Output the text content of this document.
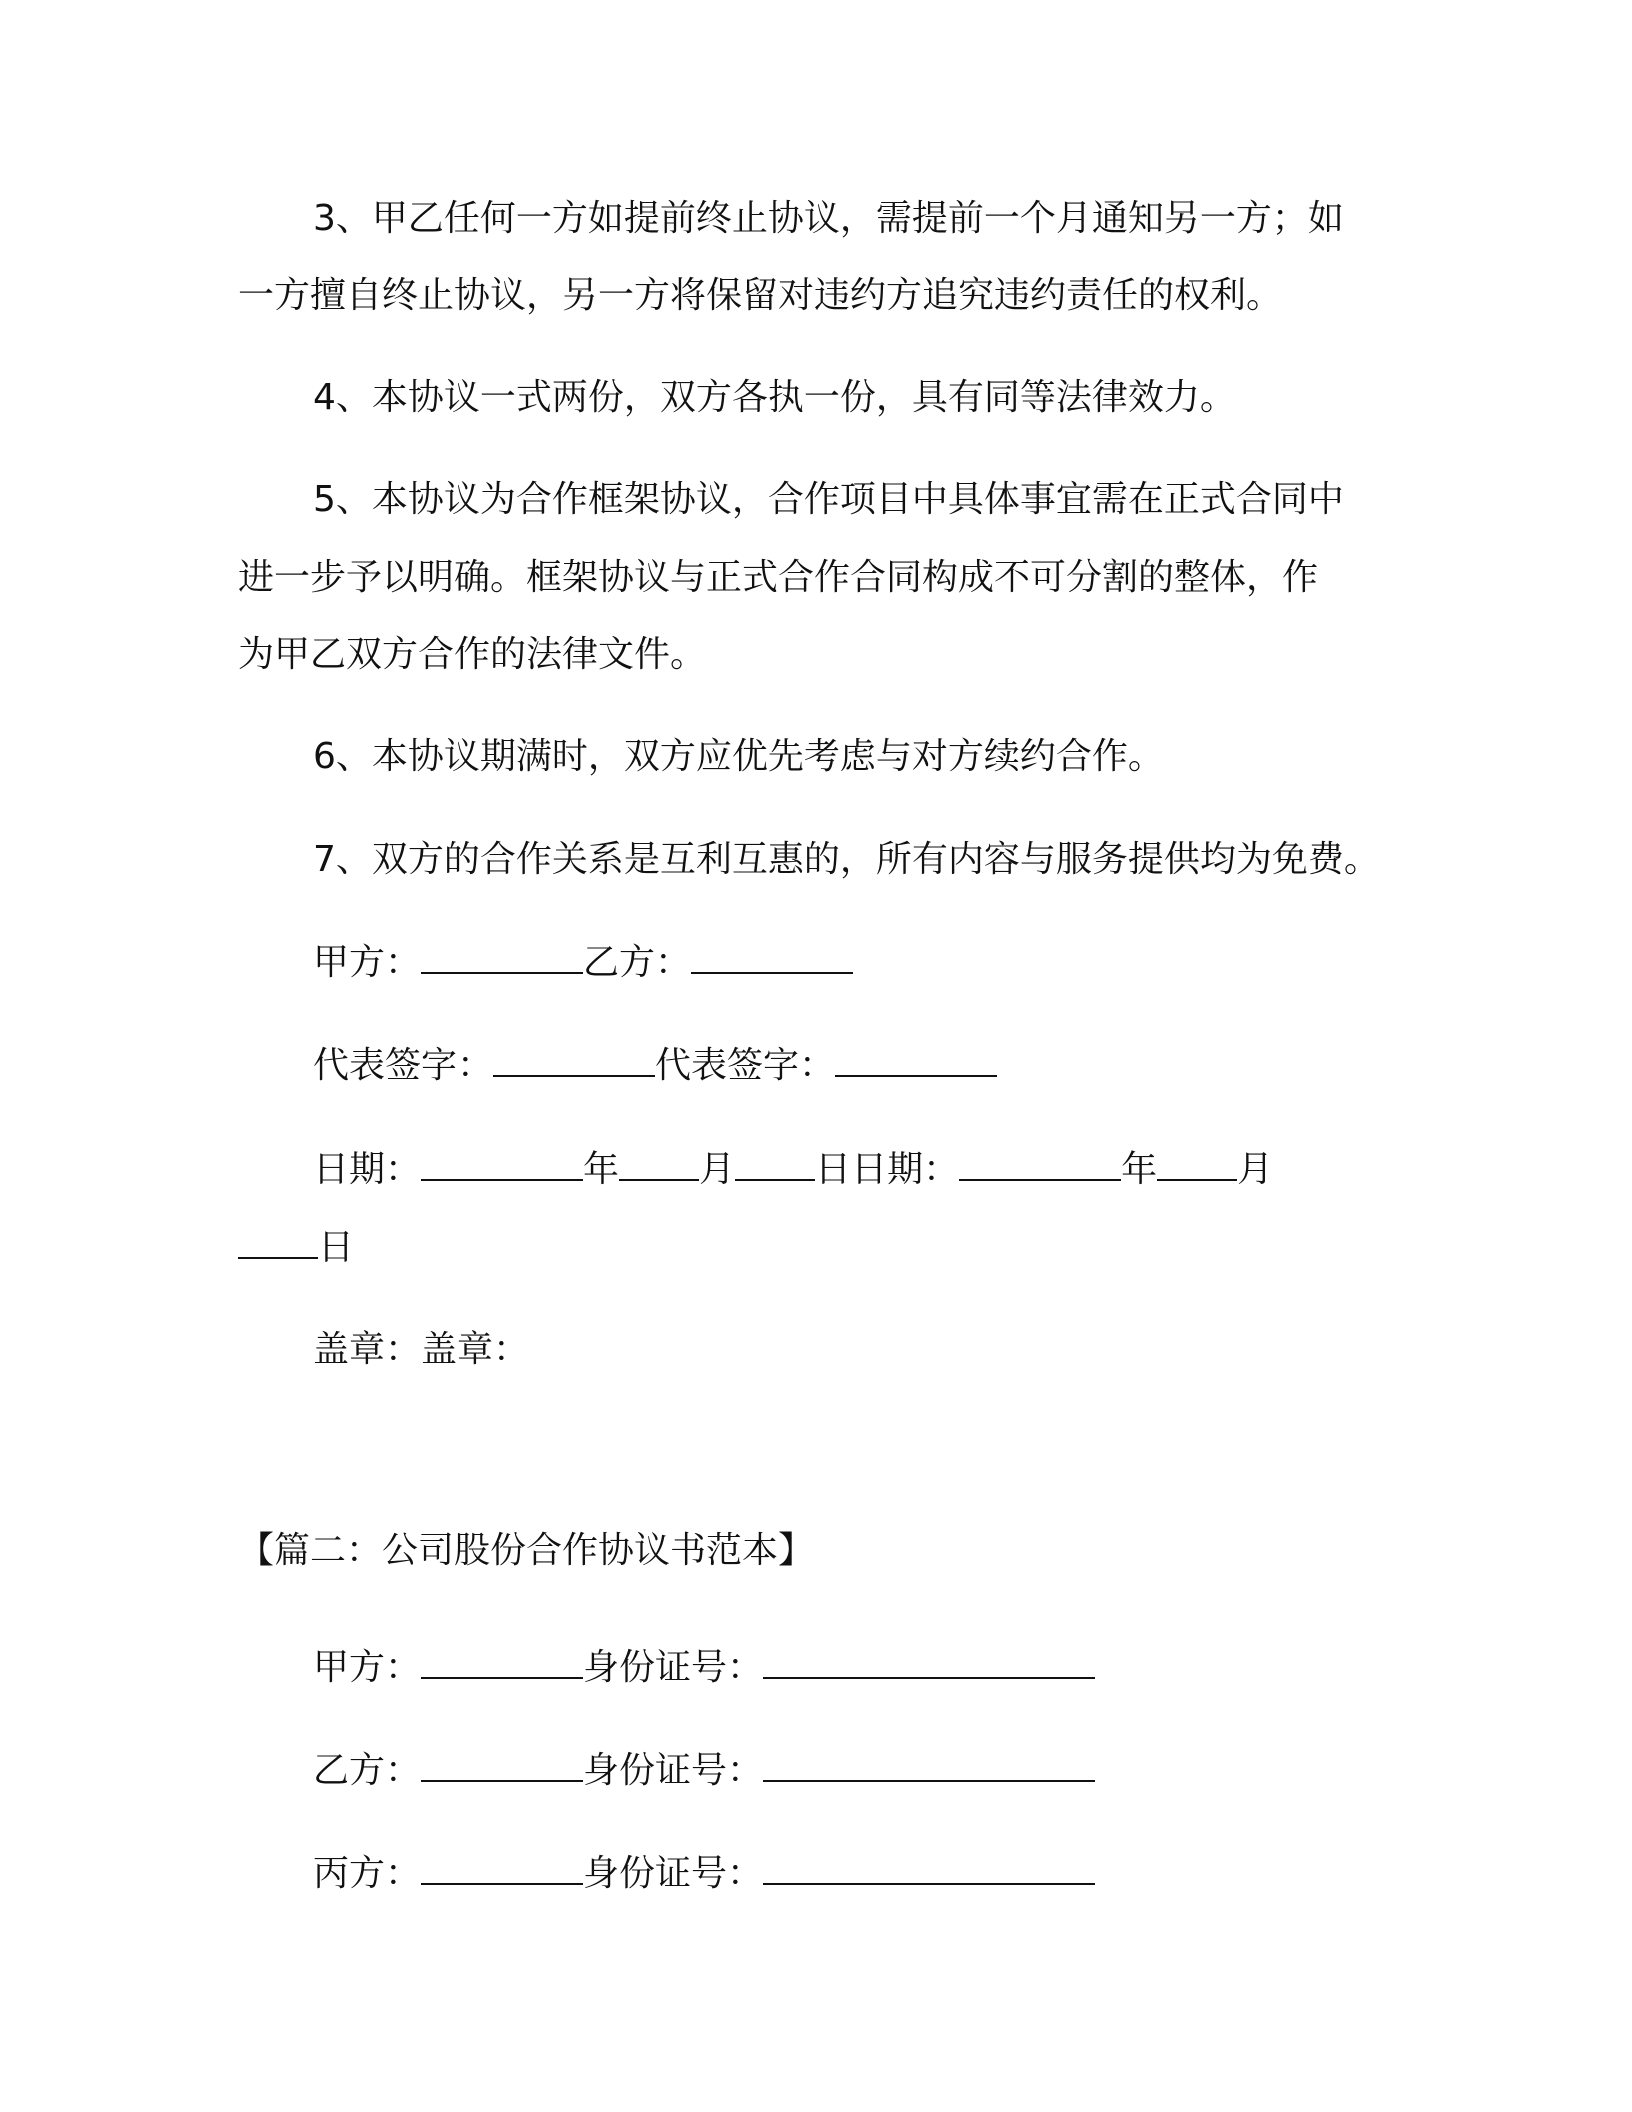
3、甲乙任何一方如提前终止协议，需提前一个月通知另一方；如

一方擅自终止协议，另一方将保留对违约方追究违约责任的权利。

4、本协议一式两份，双方各执一份，具有同等法律效力。

5、本协议为合作框架协议，合作项目中具体事宜需在正式合同中

进一步予以明确。框架协议与正式合作合同构成不可分割的整体，作

为甲乙双方合作的法律文件。

6、本协议期满时，双方应优先考虑与对方续约合作。

7、双方的合作关系是互利互惠的，所有内容与服务提供均为免费。

甲方：	乙方：

代表签字：	代表签字：

日期：	年 月 日日期：	年 月

日

盖章：盖章：

【篇二：公司股份合作协议书范本】

甲方：	身份证号：

乙方：	身份证号：

丙方：	身份证号：
